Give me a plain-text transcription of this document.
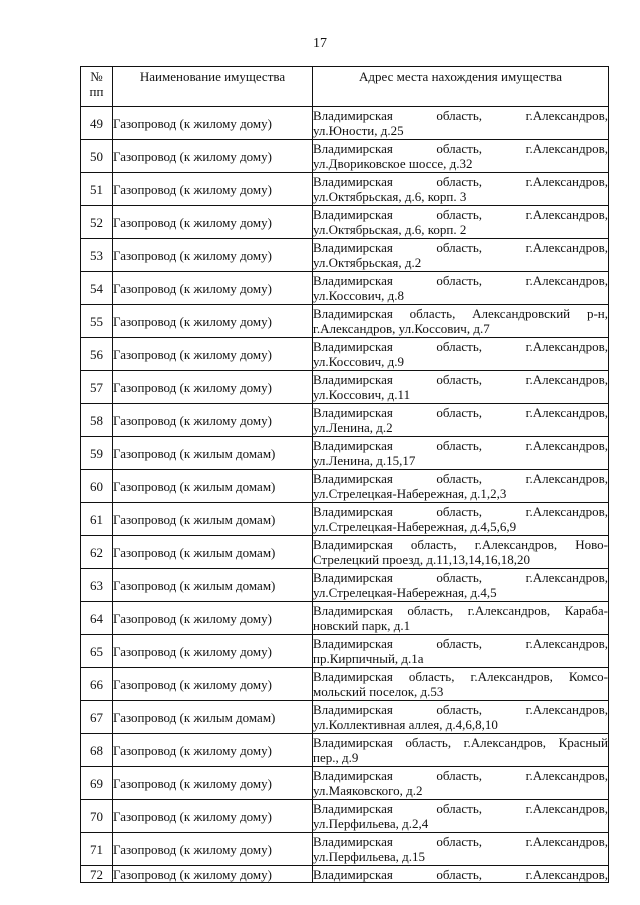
17
№
пп	Наименование имущества	Адрес места нахождения имущества
49	Газопровод (к жилому дому)	Владимирская область, г.Александров,
ул.Юности, д.25

50	Газопровод (к жилому дому)	Владимирская область, г.Александров,
ул.Двориковское шоссе, д.32

51	Газопровод (к жилому дому)	Владимирская область, г.Александров,
ул.Октябрьская, д.6, корп. 3

52	Газопровод (к жилому дому)	Владимирская область, г.Александров,
ул.Октябрьская, д.6, корп. 2

53	Газопровод (к жилому дому)	Владимирская область, г.Александров,
ул.Октябрьская, д.2

54	Газопровод (к жилому дому)	Владимирская область, г.Александров,
ул.Коссович, д.8

55	Газопровод (к жилому дому)	Владимирская область, Александровский р-н,
г.Александров, ул.Коссович, д.7

56	Газопровод (к жилому дому)	Владимирская область, г.Александров,
ул.Коссович, д.9

57	Газопровод (к жилому дому)	Владимирская область, г.Александров,
ул.Коссович, д.11

58	Газопровод (к жилому дому)	Владимирская область, г.Александров,
ул.Ленина, д.2

59	Газопровод (к жилым домам)	Владимирская область, г.Александров,
ул.Ленина, д.15,17

60	Газопровод (к жилым домам)	Владимирская область, г.Александров,
ул.Стрелецкая-Набережная, д.1,2,3

61	Газопровод (к жилым домам)	Владимирская область, г.Александров,
ул.Стрелецкая-Набережная, д.4,5,6,9

62	Газопровод (к жилым домам)	Владимирская область, г.Александров, Ново-
Стрелецкий проезд, д.11,13,14,16,18,20

63	Газопровод (к жилым домам)	Владимирская область, г.Александров,
ул.Стрелецкая-Набережная, д.4,5

64	Газопровод (к жилому дому)	Владимирская область, г.Александров, Караба-
новский парк, д.1

65	Газопровод (к жилому дому)	Владимирская область, г.Александров,
пр.Кирпичный, д.1а

66	Газопровод (к жилому дому)	Владимирская область, г.Александров, Комсо-
мольский поселок, д.53

67	Газопровод (к жилым домам)	Владимирская область, г.Александров,
ул.Коллективная аллея, д.4,6,8,10

68	Газопровод (к жилому дому)	Владимирская область, г.Александров, Красный
пер., д.9

69	Газопровод (к жилому дому)	Владимирская область, г.Александров,
ул.Маяковского, д.2

70	Газопровод (к жилому дому)	Владимирская область, г.Александров,
ул.Перфильева, д.2,4

71	Газопровод (к жилому дому)	Владимирская область, г.Александров,
ул.Перфильева, д.15

72	Газопровод (к жилому дому)	Владимирская область, г.Александров,
